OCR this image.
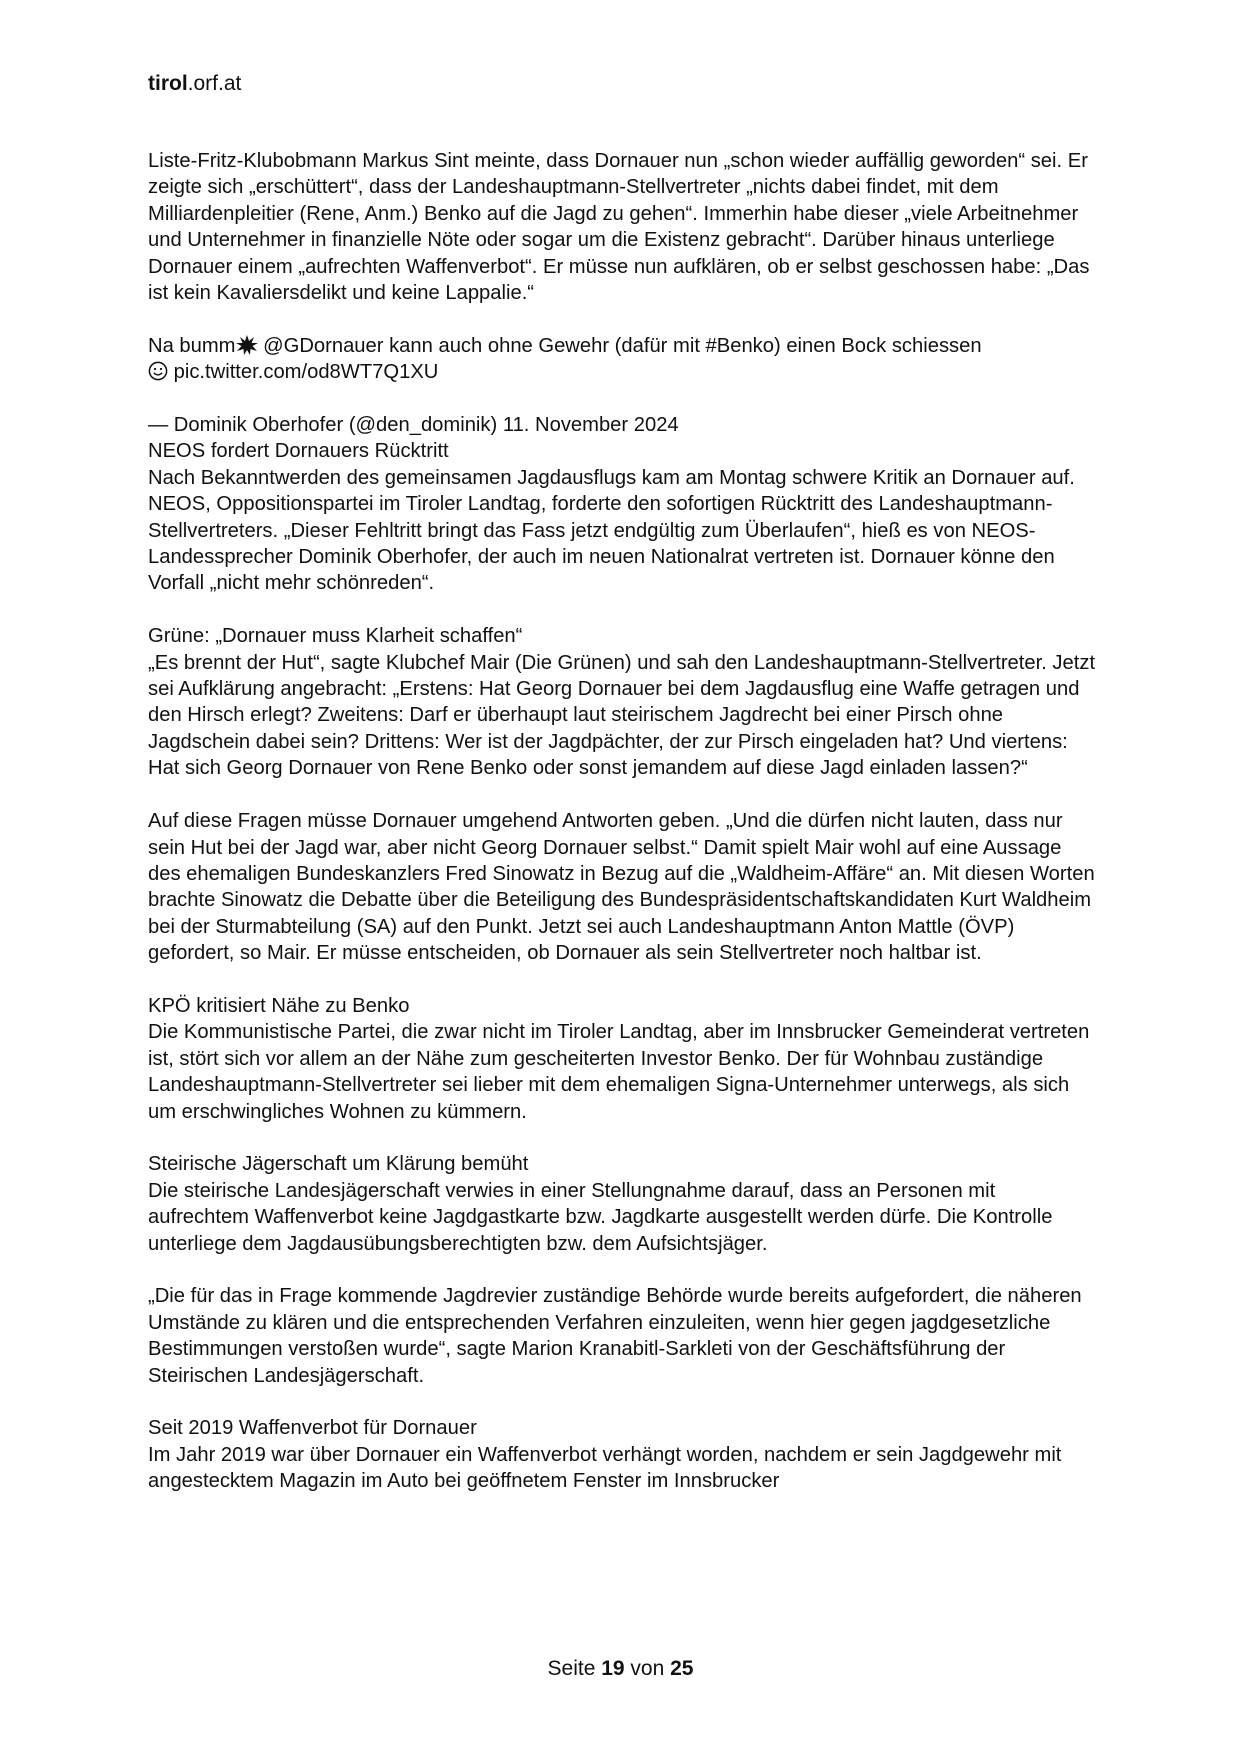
tirol.orf.at

Liste-Fritz-Klubobmann Markus Sint meinte, dass Dornauer nun „schon wieder auffällig geworden“ sei. Er zeigte sich „erschüttert“, dass der Landeshauptmann-Stellvertreter „nichts dabei findet, mit dem Milliardenpleitier (Rene, Anm.) Benko auf die Jagd zu gehen“. Immerhin habe dieser „viele Arbeitnehmer und Unternehmer in finanzielle Nöte oder sogar um die Existenz gebracht“. Darüber hinaus unterliege Dornauer einem „aufrechten Waffenverbot“. Er müsse nun aufklären, ob er selbst geschossen habe: „Das ist kein Kavaliersdelikt und keine Lappalie.“

Na bumm @GDornauer kann auch ohne Gewehr (dafür mit #Benko) einen Bock schiessen
pic.twitter.com/od8WT7Q1XU

— Dominik Oberhofer (@den_dominik) 11. November 2024

NEOS fordert Dornauers Rücktritt

Nach Bekanntwerden des gemeinsamen Jagdausflugs kam am Montag schwere Kritik an Dornauer auf. NEOS, Oppositionspartei im Tiroler Landtag, forderte den sofortigen Rücktritt des Landeshauptmann-Stellvertreters. „Dieser Fehltritt bringt das Fass jetzt endgültig zum Überlaufen“, hieß es von NEOS-Landessprecher Dominik Oberhofer, der auch im neuen Nationalrat vertreten ist. Dornauer könne den Vorfall „nicht mehr schönreden“.

Grüne: „Dornauer muss Klarheit schaffen“

„Es brennt der Hut“, sagte Klubchef Mair (Die Grünen) und sah den Landeshauptmann-Stellvertreter. Jetzt sei Aufklärung angebracht: „Erstens: Hat Georg Dornauer bei dem Jagdausflug eine Waffe getragen und den Hirsch erlegt? Zweitens: Darf er überhaupt laut steirischem Jagdrecht bei einer Pirsch ohne Jagdschein dabei sein? Drittens: Wer ist der Jagdpächter, der zur Pirsch eingeladen hat? Und viertens: Hat sich Georg Dornauer von Rene Benko oder sonst jemandem auf diese Jagd einladen lassen?“

Auf diese Fragen müsse Dornauer umgehend Antworten geben. „Und die dürfen nicht lauten, dass nur sein Hut bei der Jagd war, aber nicht Georg Dornauer selbst.“ Damit spielt Mair wohl auf eine Aussage des ehemaligen Bundeskanzlers Fred Sinowatz in Bezug auf die „Waldheim-Affäre“ an. Mit diesen Worten brachte Sinowatz die Debatte über die Beteiligung des Bundespräsidentschaftskandidaten Kurt Waldheim bei der Sturmabteilung (SA) auf den Punkt. Jetzt sei auch Landeshauptmann Anton Mattle (ÖVP) gefordert, so Mair. Er müsse entscheiden, ob Dornauer als sein Stellvertreter noch haltbar ist.

KPÖ kritisiert Nähe zu Benko

Die Kommunistische Partei, die zwar nicht im Tiroler Landtag, aber im Innsbrucker Gemeinderat vertreten ist, stört sich vor allem an der Nähe zum gescheiterten Investor Benko. Der für Wohnbau zuständige Landeshauptmann-Stellvertreter sei lieber mit dem ehemaligen Signa-Unternehmer unterwegs, als sich um erschwingliches Wohnen zu kümmern.

Steirische Jägerschaft um Klärung bemüht

Die steirische Landesjägerschaft verwies in einer Stellungnahme darauf, dass an Personen mit aufrechtem Waffenverbot keine Jagdgastkarte bzw. Jagdkarte ausgestellt werden dürfe. Die Kontrolle unterliege dem Jagdausübungsberechtigten bzw. dem Aufsichtsjäger.

„Die für das in Frage kommende Jagdrevier zuständige Behörde wurde bereits aufgefordert, die näheren Umstände zu klären und die entsprechenden Verfahren einzuleiten, wenn hier gegen jagdgesetzliche Bestimmungen verstoßen wurde“, sagte Marion Kranabitl-Sarkleti von der Geschäftsführung der Steirischen Landesjägerschaft.

Seit 2019 Waffenverbot für Dornauer

Im Jahr 2019 war über Dornauer ein Waffenverbot verhängt worden, nachdem er sein Jagdgewehr mit angestecktem Magazin im Auto bei geöffnetem Fenster im Innsbrucker

Seite 19 von 25
